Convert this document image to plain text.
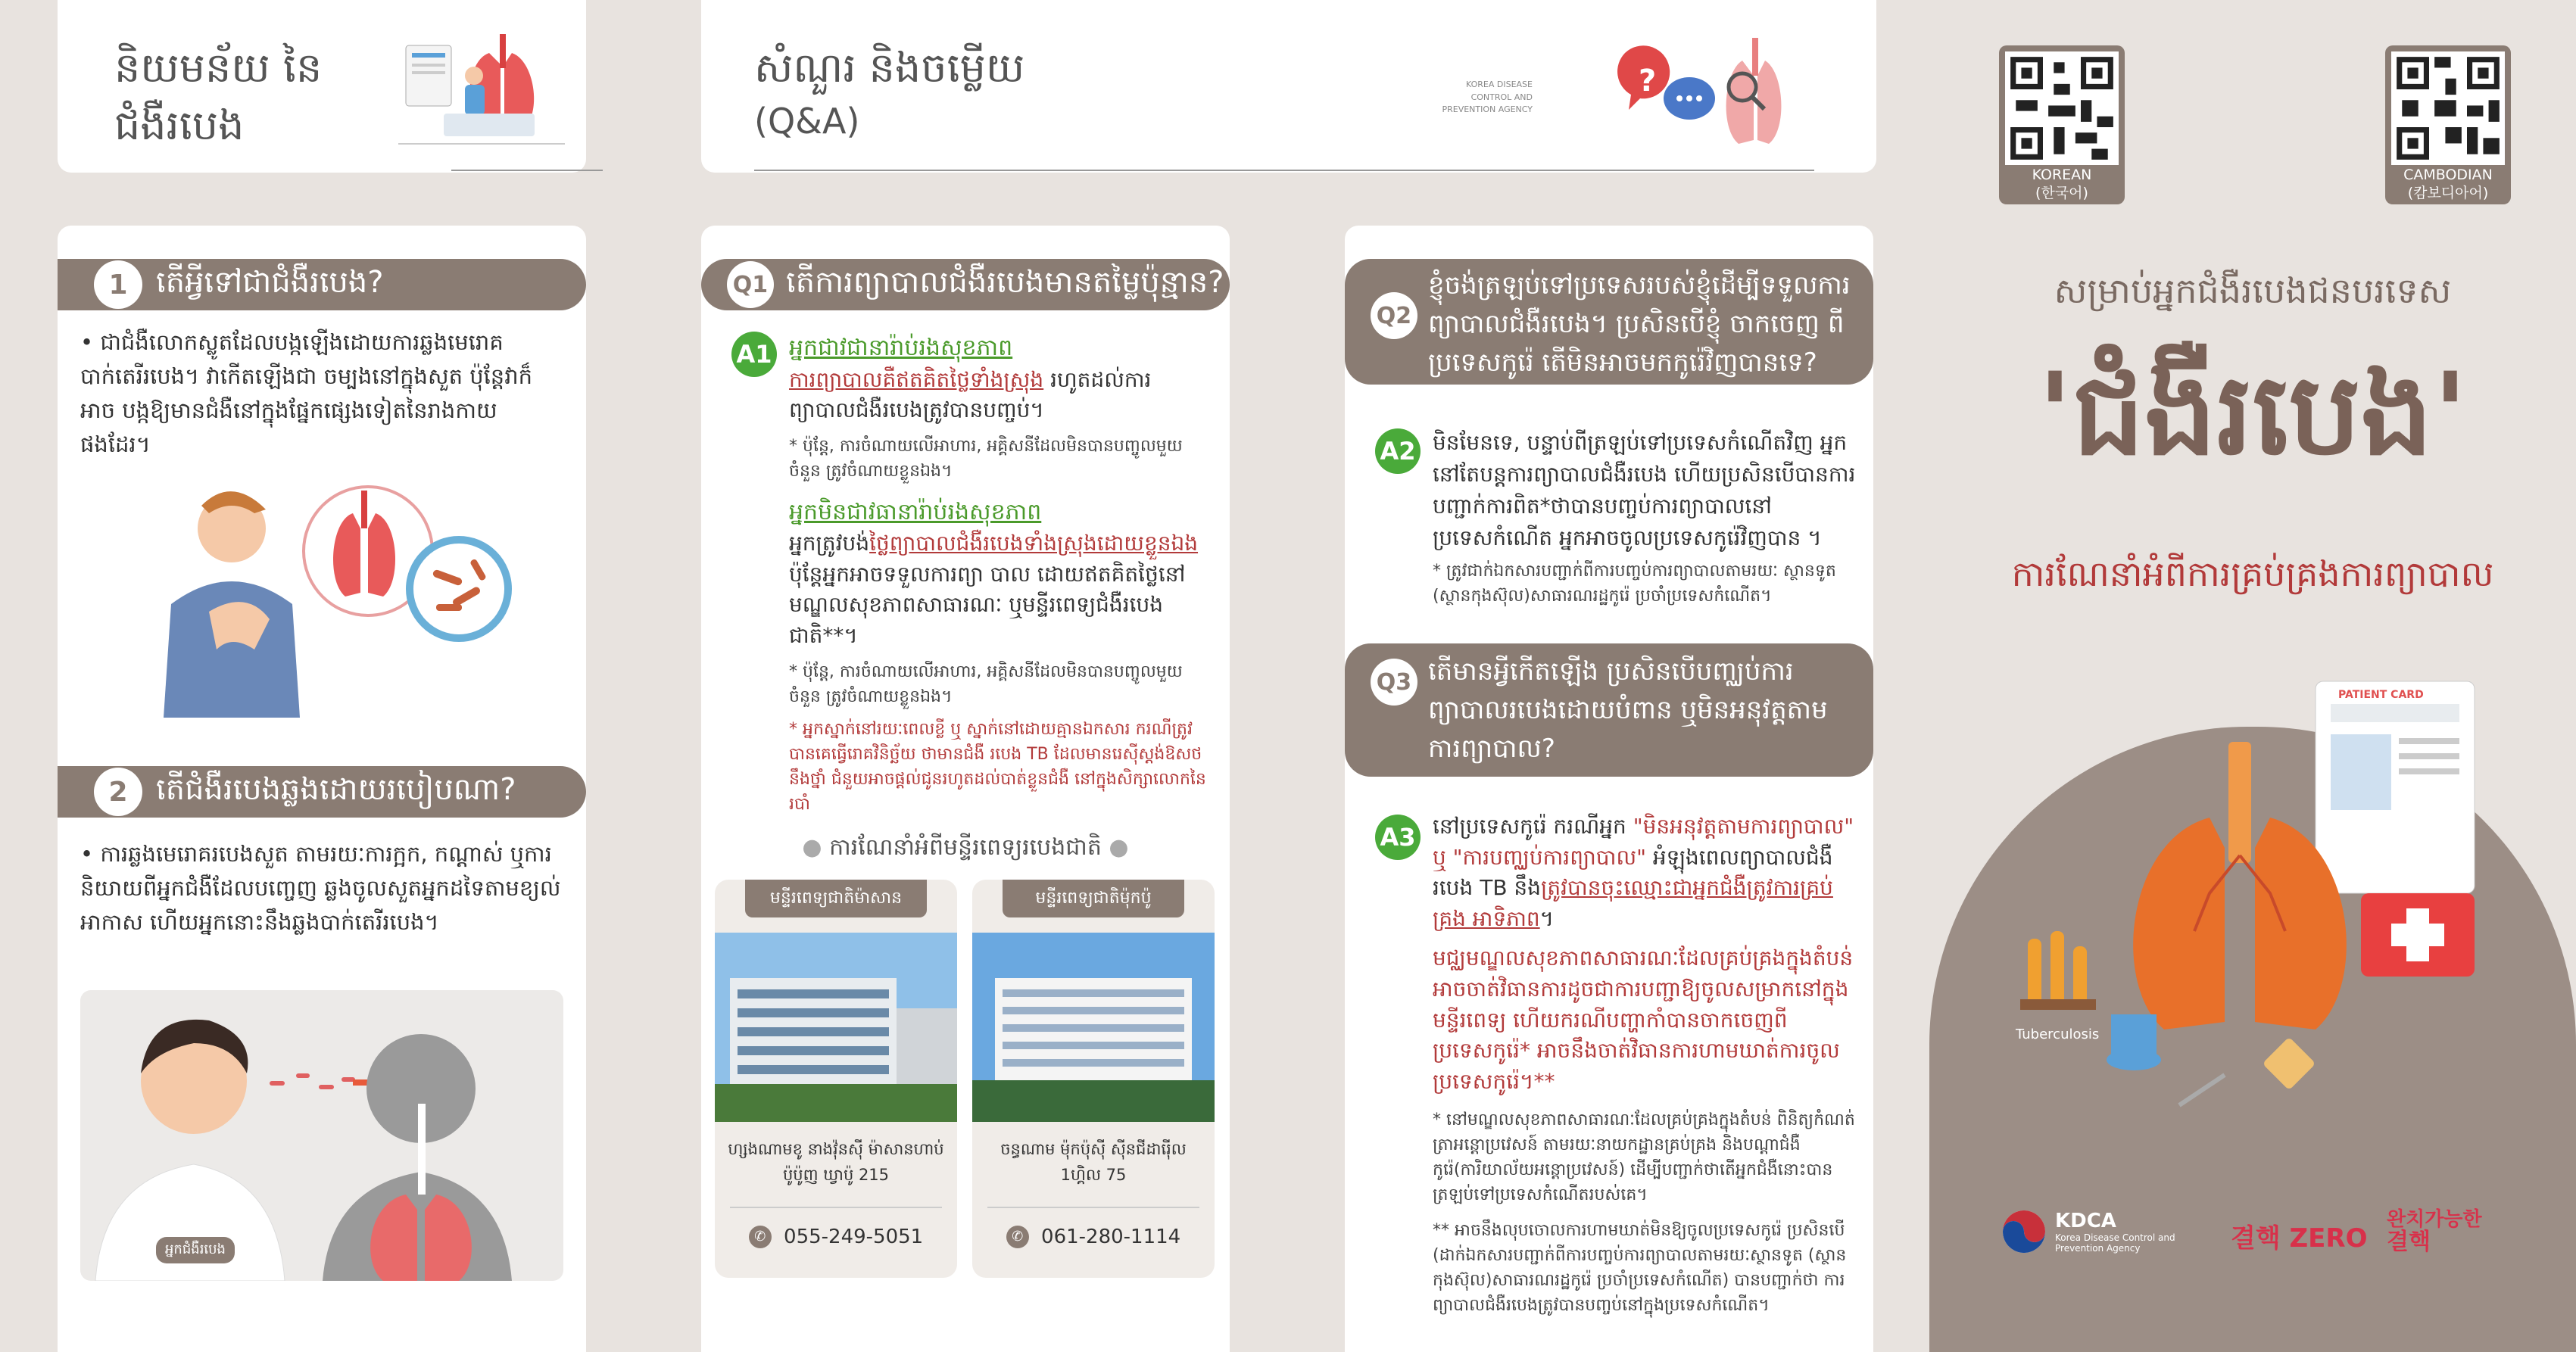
និយមន័យ នៃ
ជំងឺរបេង
សំណួរ និងចម្លើយ
(Q&A)
KOREA DISEASE CONTROL AND
PREVENTION AGENCY
?
1 តើអ្វីទៅជាជំងឺរបេង?
• ជាជំងឺលោកស្លូតដែលបង្កឡើងដោយការឆ្លងមេរោគ បាក់តេរីរបេង។ វាកើតឡើងជា ចម្បងនៅក្នុងសួត ប៉ុន្តែវាក៏អាច បង្កឱ្យមានជំងឺនៅក្នុងផ្នែកផ្សេងទៀតនៃរាងកាយផងដែរ។
2 តើជំងឺរបេងឆ្លងដោយរបៀបណា?
• ការឆ្លងមេរោគរបេងសួត តាមរយៈការក្អក, កណ្តាស់ ឬការនិយាយពីអ្នកជំងឺដែលបញ្ចេញ ឆ្លងចូលសួតអ្នកដទៃតាមខ្យល់អាកាស ហើយអ្នកនោះនឹងឆ្លងបាក់តេរីរបេង។
អ្នកជំងឺរបេង
Q1 តើការព្យាបាលជំងឺរបេងមានតម្លៃប៉ុន្មាន?
A1 អ្នកជាវជានារ៉ាប់រងសុខភាព
ការព្យាបាលគឺឥតគិតថ្លៃទាំងស្រុង រហូតដល់ការព្យាបាលជំងឺរបេងត្រូវបានបញ្ចប់។
* ប៉ុន្តែ, ការចំណាយលើអាហារ, អគ្គិសនីដែលមិនបានបញ្ចូលមួយចំនួន ត្រូវចំណាយខ្លួនឯង។
អ្នកមិនជាវធានារ៉ាប់រងសុខភាព
អ្នកត្រូវបង់ថ្លៃព្យាបាលជំងឺរបេងទាំងស្រុងដោយខ្លួនឯង ប៉ុន្តែអ្នកអាចទទួលការព្យា បាល ដោយឥតគិតថ្លៃនៅមណ្ឌលសុខភាពសាធារណៈ ឬមន្ទីរពេទ្យជំងឺរបេងជាតិ**។
* ប៉ុន្តែ, ការចំណាយលើអាហារ, អគ្គិសនីដែលមិនបានបញ្ចូលមួយចំនួន ត្រូវចំណាយខ្លួនឯង។
* អ្នកស្នាក់នៅរយៈពេលខ្លី ឬ ស្នាក់នៅដោយគ្មានឯកសារ ករណីត្រូវបានគេធ្វើរោគវិនិច្ឆ័យ ថាមានជំងឺ របេង TB ដែលមានរេស៊ីស្តង់ឱសថនឹងថ្នាំ ជំនួយអាចផ្តល់ជូនរហូតដល់បាត់ខ្លួនជំងឺ នៅក្នុងសិក្សាលោកនៃរបាំ
● ការណែនាំអំពីមន្ទីរពេទ្យរបេងជាតិ ●
មន្ទីរពេទ្យជាតិម៉ាសាន
ហ្សងណាមខូ នាងវ៉ុនស៊ី ម៉ាសានហាប់
ប៉ូប៉ូញ ឃ្វាប៉ូ 215
✆ 055-249-5051
មន្ទីរពេទ្យជាតិម៉ុកប៉ូ
ចន្ធណាម ម៉ុកប៉ុស៊ី ស៊ីនជីដារ៉ើល
1ហ្គិល 75
✆ 061-280-1114
Q2
ខ្ញុំចង់ត្រឡប់ទៅប្រទេសរបស់ខ្ញុំដើម្បីទទួលការព្យាបាលជំងឺរបេង។ ប្រសិនបើខ្ញុំ ចាកចេញ ពីប្រទេសកូរ៉េ តើមិនអាចមកកូរ៉េវិញបានទេ?
A2 មិនមែនទេ, បន្ទាប់ពីត្រឡប់ទៅប្រទេសកំណើតវិញ អ្នកនៅតែបន្តការព្យាបាលជំងឺរបេង ហើយប្រសិនបើបានការបញ្ជាក់ការពិត*ថាបានបញ្ចប់ការព្យាបាលនៅប្រទេសកំណើត អ្នកអាចចូលប្រទេសកូរ៉េវិញបាន ។
* ត្រូវជាក់ឯកសារបញ្ជាក់ពីការបញ្ចប់ការព្យាបាលតាមរយៈ ស្ថានទូត (ស្ថានកុងស៊ុល)សាធារណរដ្ឋកូរ៉េ ប្រចាំប្រទេសកំណើត។
Q3 តើមានអ្វីកើតឡើង ប្រសិនបើបញ្ឈប់ការព្យាបាលរបេងដោយបំពាន ឬមិនអនុវត្តតាមការព្យាបាល?
A3 នៅប្រទេសកូរ៉េ ករណីអ្នក "មិនអនុវត្តតាមការព្យាបាល" ឬ "ការបញ្ឈប់ការព្យាបាល" អំឡុងពេលព្យាបាលជំងឺរបេង TB នឹងត្រូវបានចុះឈ្មោះជាអ្នកជំងឺត្រូវការគ្រប់គ្រង អាទិភាព។
មជ្ឈមណ្ឌលសុខភាពសាធារណៈដែលគ្រប់គ្រងក្នុងតំបន់ អាចចាត់វិធានការដូចជាការបញ្ជាឱ្យចូលសម្រាកនៅក្នុងមន្ទីរពេទ្យ ហើយករណីបញ្ហាកាំបានចាកចេញពីប្រទេសកូរ៉េ* អាចនឹងចាត់វិធានការហាមឃាត់ការចូលប្រទេសកូរ៉េ។**
* នៅមណ្ឌលសុខភាពសាធារណៈដែលគ្រប់គ្រងក្នុងតំបន់ ពិនិត្យកំណត់ត្រាអន្តោប្រវេសន៍ តាមរយៈនាយកដ្ឋានគ្រប់គ្រង និងបណ្តាជំងឺកូរ៉េ(ការិយាល័យអន្តោប្រវេសន៍) ដើម្បីបញ្ជាក់ថាតើអ្នកជំងឺនោះបាន ត្រឡប់ទៅប្រទេសកំណើតរបស់គេ។
** អាចនឹងលុបចោលការហាមឃាត់មិនឱ្យចូលប្រទេសកូរ៉េ ប្រសិនបើ (ដាក់ឯកសារបញ្ជាក់ពីការបញ្ចប់ការព្យាបាលតាមរយៈស្ថានទូត (ស្ថានកុងស៊ុល)សាធារណរដ្ឋកូរ៉េ ប្រចាំប្រទេសកំណើត) បានបញ្ជាក់ថា ការព្យាបាលជំងឺរបេងត្រូវបានបញ្ចប់នៅក្នុងប្រទេសកំណើត។
KOREAN
(한국어)
CAMBODIAN
(캄보디아어)
សម្រាប់អ្នកជំងឺរបេងជនបរទេស
'ជំងឺរបេង'
ការណែនាំអំពីការគ្រប់គ្រងការព្យាបាល
PATIENT CARD
Tuberculosis
KDCA
Korea Disease Control and
Prevention Agency	결핵 ZERO
완치가능한
결핵
